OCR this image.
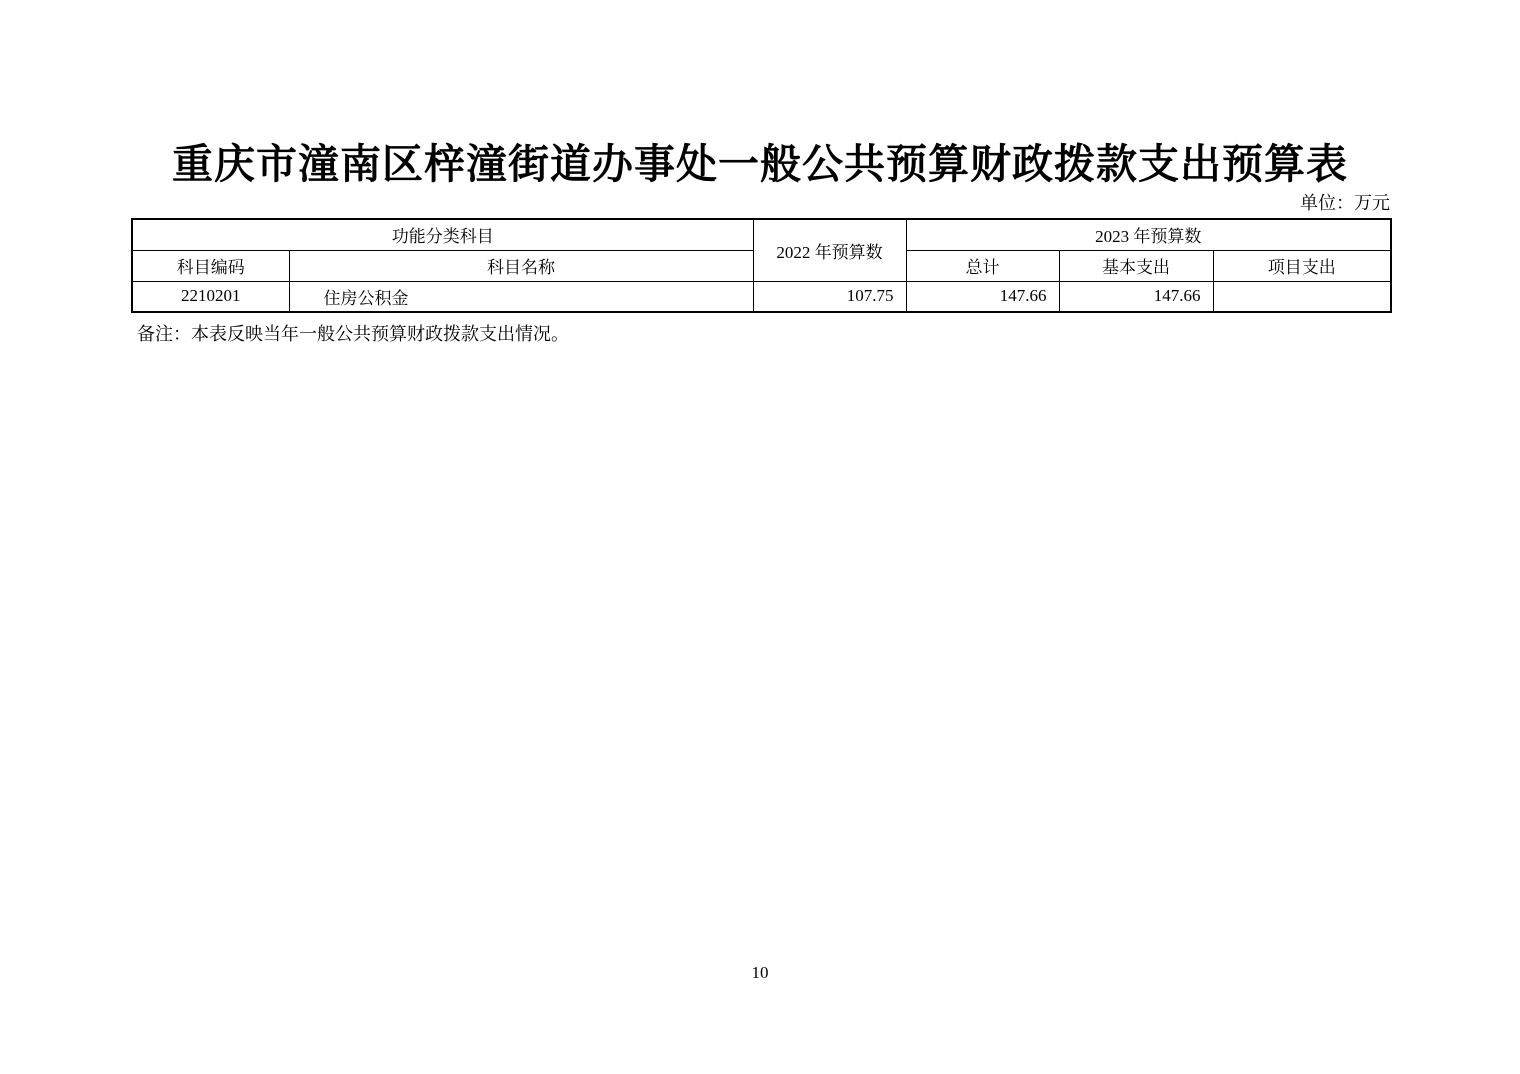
重庆市潼南区梓潼街道办事处一般公共预算财政拨款支出预算表
单位：万元
功能分类科目		2022 年预算数	2023 年预算数		
科目编码	科目名称		总计	基本支出	项目支出
2210201	住房公积金	107.75	147.66	147.66	
备注：本表反映当年一般公共预算财政拨款支出情况。
10
